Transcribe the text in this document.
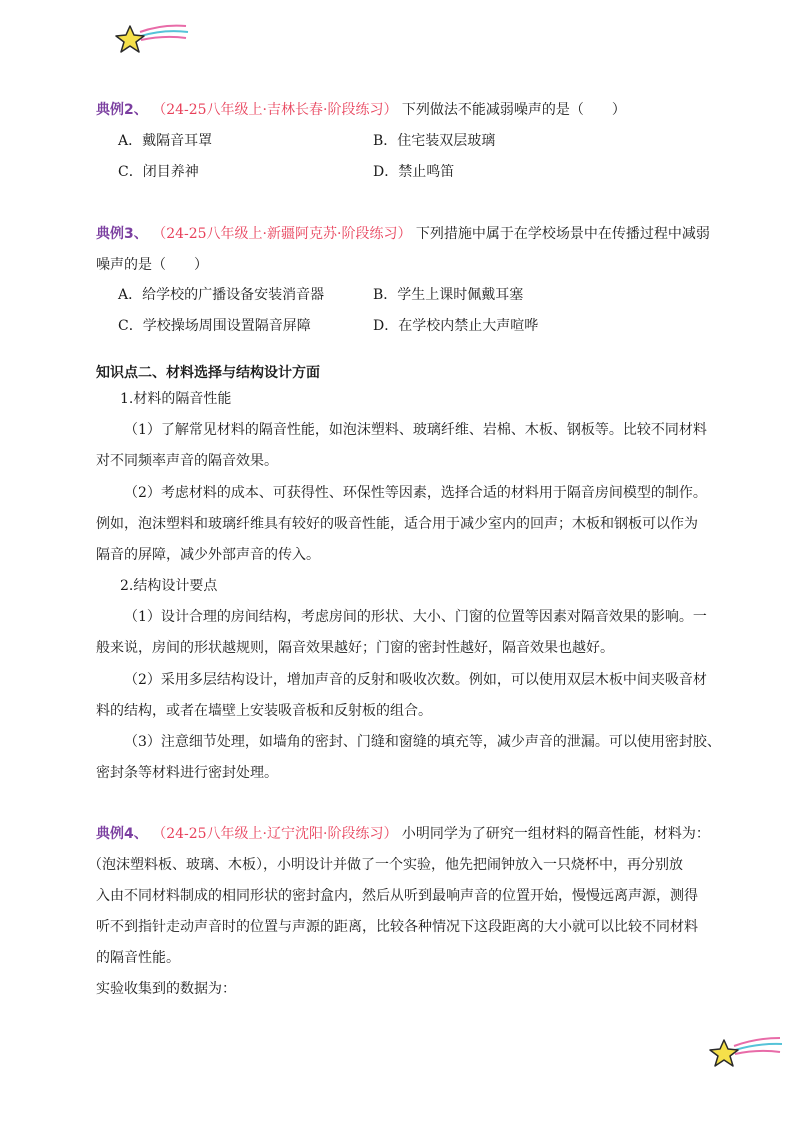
典例2、 （24-25八年级上·吉林长春·阶段练习） 下列做法不能减弱噪声的是（　　）
A．戴隔音耳罩	B．住宅装双层玻璃
C．闭目养神	D．禁止鸣笛
典例3、 （24-25八年级上·新疆阿克苏·阶段练习） 下列措施中属于在学校场景中在传播过程中减弱
噪声的是（　　）
A．给学校的广播设备安装消音器	B．学生上课时佩戴耳塞
C．学校操场周围设置隔音屏障	D．在学校内禁止大声喧哗
知识点二、材料选择与结构设计方面
1.材料的隔音性能
（1）了解常见材料的隔音性能，如泡沫塑料、玻璃纤维、岩棉、木板、钢板等。比较不同材料
对不同频率声音的隔音效果。
（2）考虑材料的成本、可获得性、环保性等因素，选择合适的材料用于隔音房间模型的制作。
例如，泡沫塑料和玻璃纤维具有较好的吸音性能，适合用于减少室内的回声；木板和钢板可以作为
隔音的屏障，减少外部声音的传入。
2.结构设计要点
（1）设计合理的房间结构，考虑房间的形状、大小、门窗的位置等因素对隔音效果的影响。一
般来说，房间的形状越规则，隔音效果越好；门窗的密封性越好，隔音效果也越好。
（2）采用多层结构设计，增加声音的反射和吸收次数。例如，可以使用双层木板中间夹吸音材
料的结构，或者在墙壁上安装吸音板和反射板的组合。
（3）注意细节处理，如墙角的密封、门缝和窗缝的填充等，减少声音的泄漏。可以使用密封胶、
密封条等材料进行密封处理。
典例4、 （24-25八年级上·辽宁沈阳·阶段练习） 小明同学为了研究一组材料的隔音性能，材料为：
（泡沫塑料板、玻璃、木板），小明设计并做了一个实验，他先把闹钟放入一只烧杯中，再分别放
入由不同材料制成的相同形状的密封盒内，然后从听到最响声音的位置开始，慢慢远离声源，测得
听不到指针走动声音时的位置与声源的距离，比较各种情况下这段距离的大小就可以比较不同材料
的隔音性能。
实验收集到的数据为：
